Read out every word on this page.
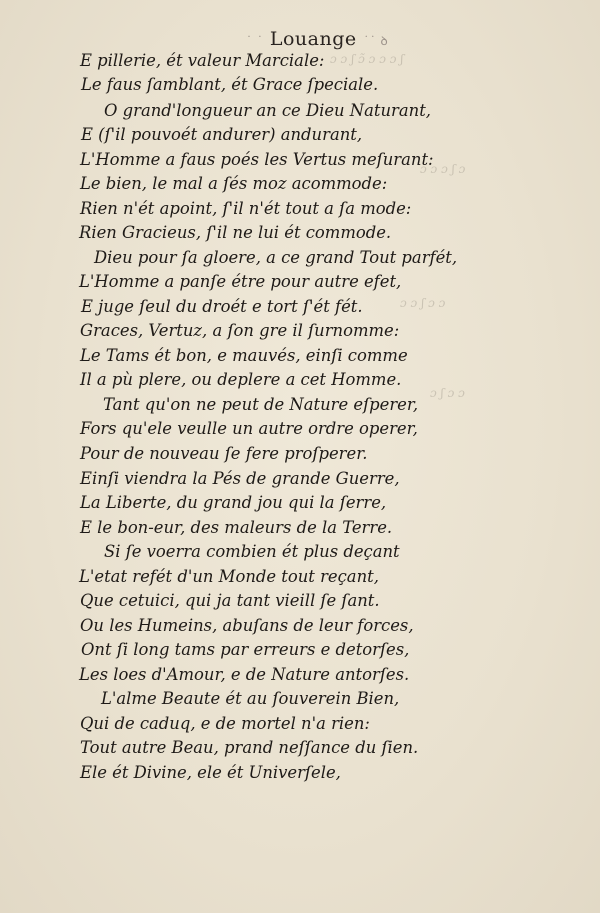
ɔ ɔ ʃ ɔ̃ ɔ ɔ ɔ ʃ
ɔ ɔ ɔ ʃ ɔ
ɔ ɔ ʃ ɔ ɔ
ɔ ʃ ɔ ɔ
˙ ˙ Louange ˙˙ ꝺ
E pillerie, ét valeur Marciale:
Le faus ſamblant, ét Grace ſpeciale.
O grand'longueur an ce Dieu Naturant,
E (ſ'il pouvoét andurer) andurant,
L'Homme a faus poés les Vertus meſurant:
Le bien, le mal a ſés moz acommode:
Rien n'ét apoint, ſ'il n'ét tout a ſa mode:
Rien Gracieus, ſ'il ne lui ét commode.
Dieu pour ſa gloere, a ce grand Tout parfét,
L'Homme a panſe étre pour autre efet,
E juge ſeul du droét e tort ſ'ét fét.
Graces, Vertuz, a ſon gre il ſurnomme:
Le Tams ét bon, e mauvés, einſi comme
Il a pù plere, ou deplere a cet Homme.
Tant qu'on ne peut de Nature eſperer,
Fors qu'ele veulle un autre ordre operer,
Pour de nouveau ſe fere proſperer.
Einſi viendra la Pés de grande Guerre,
La Liberte, du grand jou qui la ſerre,
E le bon-eur, des maleurs de la Terre.
Si ſe voerra combien ét plus deçant
L'etat refét d'un Monde tout reçant,
Que cetuici, qui ja tant vieill ſe ſant.
Ou les Humeins, abuſans de leur forces,
Ont ſi long tams par erreurs e detorſes,
Les loes d'Amour, e de Nature antorſes.
L'alme Beaute ét au ſouverein Bien,
Qui de caduq, e de mortel n'a rien:
Tout autre Beau, prand neſſance du ſien.
Ele ét Divine, ele ét Univerſele,
